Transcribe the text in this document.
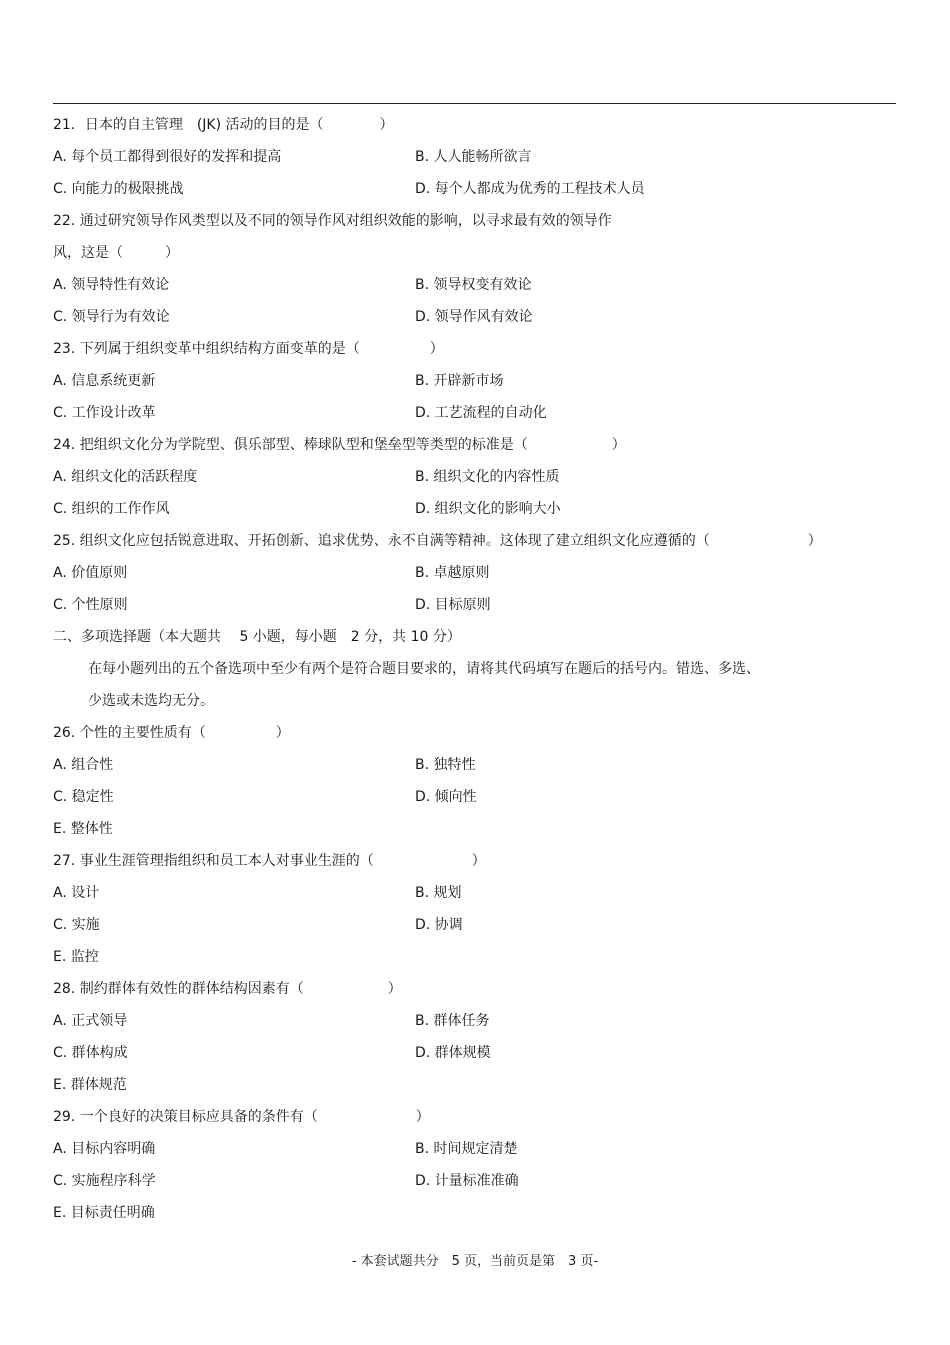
21．日本的自主管理　(JK) 活动的目的是（　　　　）
A. 每个员工都得到很好的发挥和提高	B. 人人能畅所欲言
C. 向能力的极限挑战	D. 每个人都成为优秀的工程技术人员
22. 通过研究领导作风类型以及不同的领导作风对组织效能的影响，以寻求最有效的领导作
风，这是（　　　）
A. 领导特性有效论	B. 领导权变有效论
C. 领导行为有效论	D. 领导作风有效论
23. 下列属于组织变革中组织结构方面变革的是（　　　　　）
A. 信息系统更新	B. 开辟新市场
C. 工作设计改革	D. 工艺流程的自动化
24. 把组织文化分为学院型、俱乐部型、棒球队型和堡垒型等类型的标准是（　　　　　　）
A. 组织文化的活跃程度	B. 组织文化的内容性质
C. 组织的工作作风	D. 组织文化的影响大小
25. 组织文化应包括锐意进取、开拓创新、追求优势、永不自满等精神。这体现了建立组织文化应遵循的（　　　　　　　）
A. 价值原则	B. 卓越原则
C. 个性原则	D. 目标原则
二、多项选择题（本大题共　 5 小题，每小题　2 分，共 10 分）
在每小题列出的五个备选项中至少有两个是符合题目要求的，请将其代码填写在题后的括号内。错选、多选、
少选或未选均无分。
26. 个性的主要性质有（　　　　　）
A. 组合性	B. 独特性
C. 稳定性	D. 倾向性
E. 整体性
27. 事业生涯管理指组织和员工本人对事业生涯的（　　　　　　　）
A. 设计	B. 规划
C. 实施	D. 协调
E. 监控
28. 制约群体有效性的群体结构因素有（　　　　　　）
A. 正式领导	B. 群体任务
C. 群体构成	D. 群体规模
E. 群体规范
29. 一个良好的决策目标应具备的条件有（　　　　　　　）
A. 目标内容明确	B. 时间规定清楚
C. 实施程序科学	D. 计量标准准确
E. 目标责任明确
- 本套试题共分　5 页，当前页是第　3 页-
